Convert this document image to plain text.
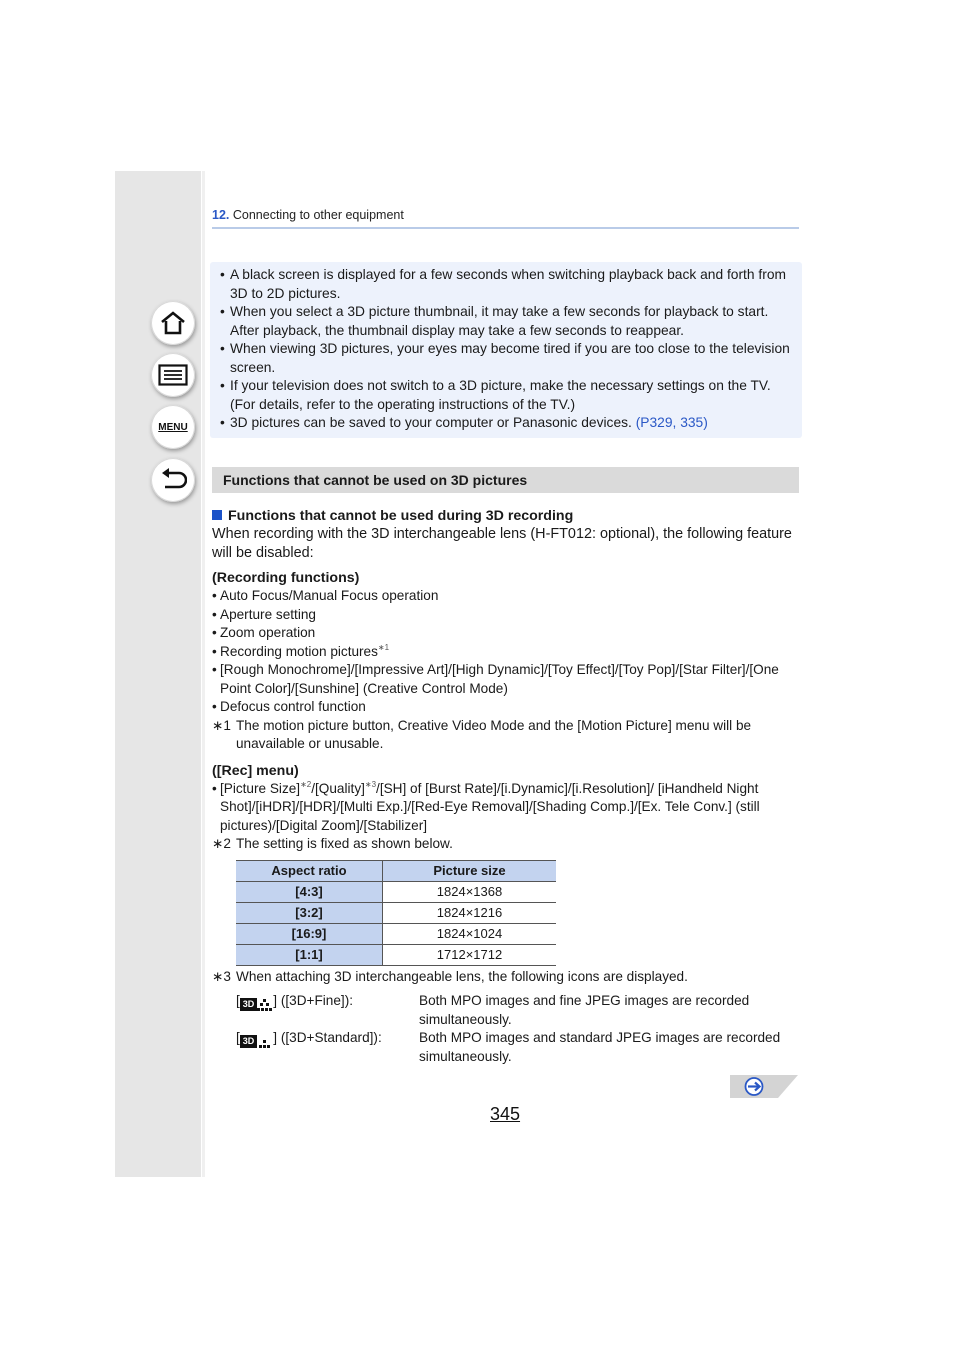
MENU
12. Connecting to other equipment
• A black screen is displayed for a few seconds when switching playback back and forth from 3D to 2D pictures.
• When you select a 3D picture thumbnail, it may take a few seconds for playback to start. After playback, the thumbnail display may take a few seconds to reappear.
• When viewing 3D pictures, your eyes may become tired if you are too close to the television screen.
• If your television does not switch to a 3D picture, make the necessary settings on the TV. (For details, refer to the operating instructions of the TV.)
• 3D pictures can be saved to your computer or Panasonic devices. (P329, 335)
Functions that cannot be used on 3D pictures

Functions that cannot be used during 3D recording

When recording with the 3D interchangeable lens (H-FT012: optional), the following feature will be disabled:

(Recording functions)

• Auto Focus/Manual Focus operation
• Aperture setting
• Zoom operation
• Recording motion pictures$^{∗1}$
• [Rough Monochrome]/[Impressive Art]/[High Dynamic]/[Toy Effect]/[Toy Pop]/[Star Filter]/[One Point Color]/[Sunshine] (Creative Control Mode)
• Defocus control function
∗1 The motion picture button, Creative Video Mode and the [Motion Picture] menu will be unavailable or unusable.

([Rec] menu)

• [Picture Size]$^{∗2}$/[Quality]$^{∗3}$/[SH] of [Burst Rate]/[i.Dynamic]/[i.Resolution]/ [iHandheld Night Shot]/[iHDR]/[HDR]/[Multi Exp.]/[Red-Eye Removal]/[Shading Comp.]/[Ex. Tele Conv.] (still pictures)/[Digital Zoom]/[Stabilizer]
∗2 The setting is fixed as shown below.
Aspect ratio	Picture size
[4:3]	1824×1368
[3:2]	1824×1216
[16:9]	1824×1024
[1:1]	1712×1712
∗3 When attaching 3D interchangeable lens, the following icons are displayed.
[ 3D ] ([3D+Fine]):	Both MPO images and fine JPEG images are recorded simultaneously.
[ 3D ] ([3D+Standard]):	Both MPO images and standard JPEG images are recorded simultaneously.
345
